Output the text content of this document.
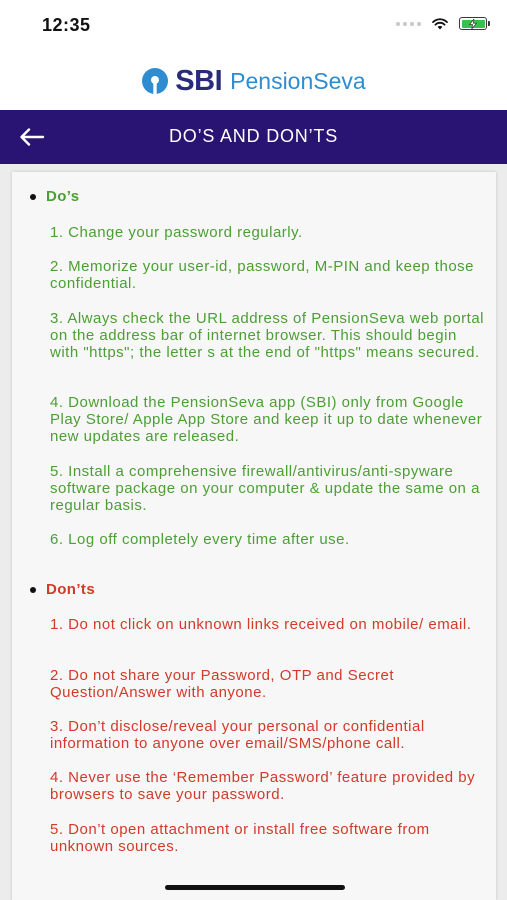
12:35
SBI PensionSeva
DO’S AND DON’TS
Do’s
1. Change your password regularly.
2. Memorize your user-id, password, M-PIN and keep those confidential.
3. Always check the URL address of PensionSeva web portal on the address bar of internet browser. This should begin with "https"; the letter s at the end of "https" means secured.
4. Download the PensionSeva app (SBI) only from Google Play Store/ Apple App Store and keep it up to date whenever new updates are released.
5. Install a comprehensive firewall/antivirus/anti-spyware software package on your computer & update the same on a regular basis.
6. Log off completely every time after use.
Don’ts
1. Do not click on unknown links received on mobile/ email.
2. Do not share your Password, OTP and Secret Question/Answer with anyone.
3. Don’t disclose/reveal your personal or confidential information to anyone over email/SMS/phone call.
4. Never use the ‘Remember Password’ feature provided by browsers to save your password.
5. Don’t open attachment or install free software from unknown sources.
